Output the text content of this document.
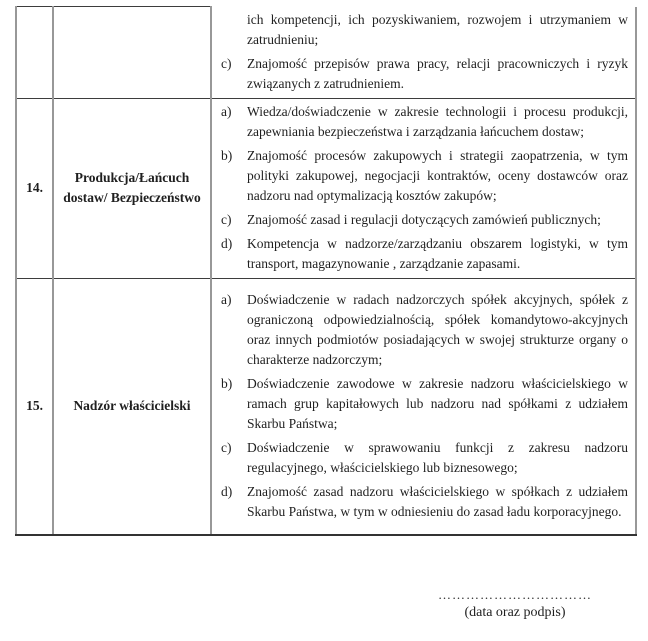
		ich kompetencji, ich pozyskiwaniem, rozwojem i utrzymaniem w zatrudnieniu;
c) Znajomość przepisów prawa pracy, relacji pracowniczych i ryzyk związanych z zatrudnieniem.

14.	Produkcja/Łańcuch dostaw/ Bezpieczeństwo	
a)	Wiedza/doświadczenie w zakresie technologii i procesu produkcji, zapewniania bezpieczeństwa i zarządzania łańcuchem dostaw;
b)	Znajomość procesów zakupowych i strategii zaopatrzenia, w tym polityki zakupowej, negocjacji kontraktów, oceny dostawców oraz nadzoru nad optymalizacją kosztów zakupów;
c)	Znajomość zasad i regulacji dotyczących zamówień publicznych;
d)	Kompetencja w nadzorze/zarządzaniu obszarem logistyki, w tym transport, magazynowanie , zarządzanie zapasami.

15.	Nadzór właścicielski	
a)	Doświadczenie w radach nadzorczych spółek akcyjnych, spółek z ograniczoną odpowiedzialnością, spółek komandytowo-akcyjnych oraz innych podmiotów posiadających w swojej strukturze organy o charakterze nadzorczym;
b)	Doświadczenie zawodowe w zakresie nadzoru właścicielskiego w ramach grup kapitałowych lub nadzoru nad spółkami z udziałem Skarbu Państwa;
c)	Doświadczenie w sprawowaniu funkcji z zakresu nadzoru regulacyjnego, właścicielskiego lub biznesowego;
d)	Znajomość zasad nadzoru właścicielskiego w spółkach z udziałem Skarbu Państwa, w tym w odniesieniu do zasad ładu korporacyjnego.
……………………………
(data oraz podpis)
